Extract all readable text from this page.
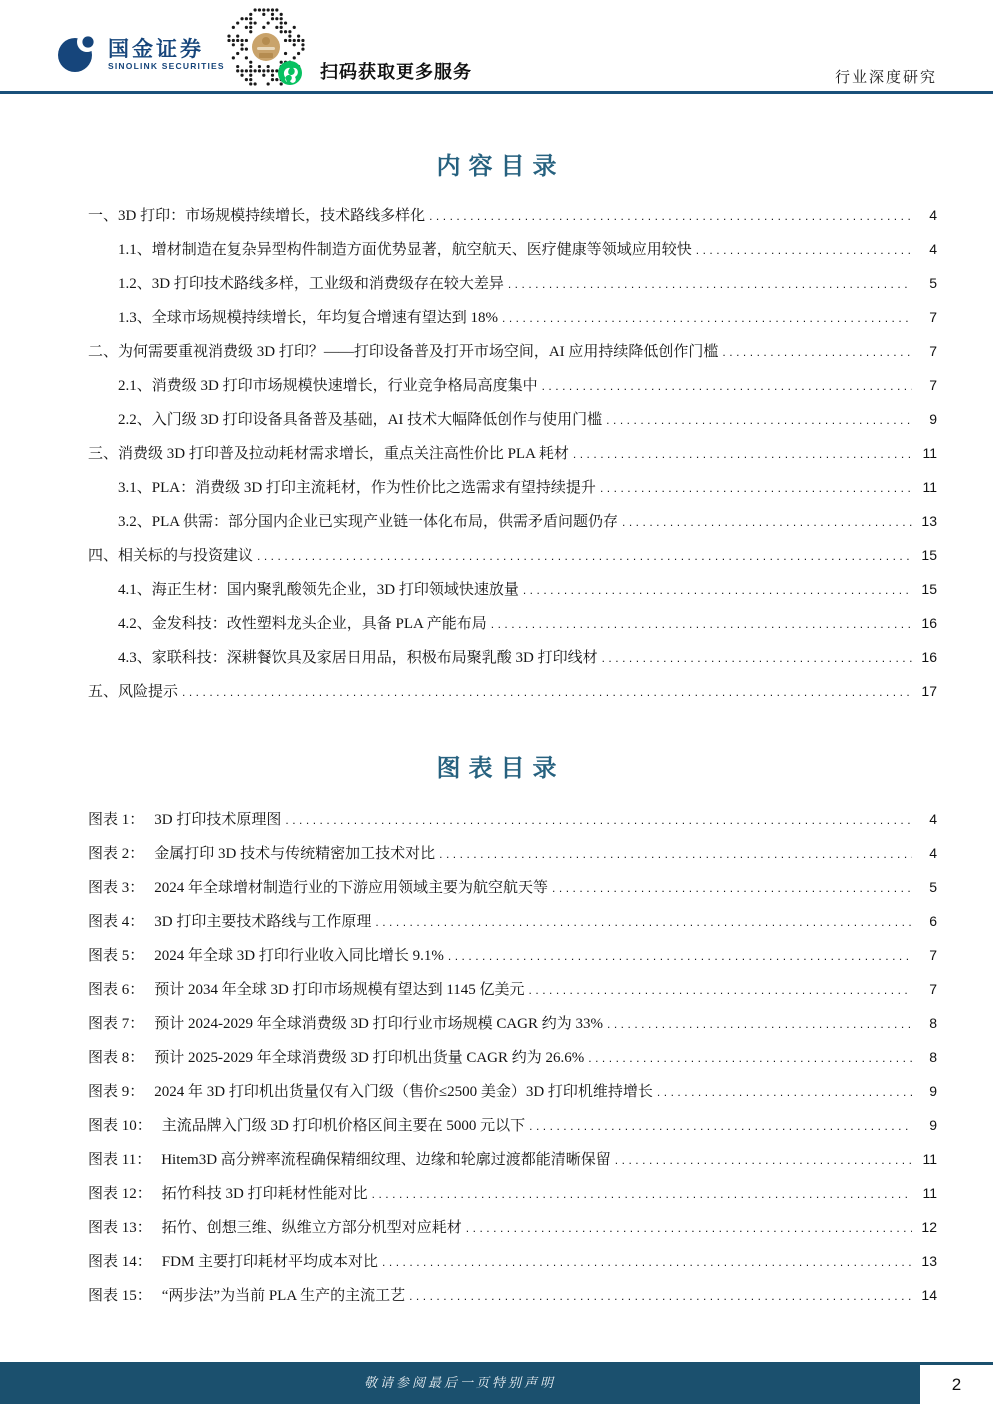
国金证券
SINOLINK SECURITIES	扫码获取更多服务	行业深度研究
内容目录
一、3D 打印：市场规模持续增长，技术路线多样化 .....	4
1.1、增材制造在复杂异型构件制造方面优势显著，航空航天、医疗健康等领域应用较快 .....	4
1.2、3D 打印技术路线多样，工业级和消费级存在较大差异 .....	5
1.3、全球市场规模持续增长，年均复合增速有望达到 18% .....	7
二、为何需要重视消费级 3D 打印？——打印设备普及打开市场空间，AI 应用持续降低创作门槛 .....	7
2.1、消费级 3D 打印市场规模快速增长，行业竞争格局高度集中 .....	7
2.2、入门级 3D 打印设备具备普及基础，AI 技术大幅降低创作与使用门槛 .....	9
三、消费级 3D 打印普及拉动耗材需求增长，重点关注高性价比 PLA 耗材 .....	11
3.1、PLA：消费级 3D 打印主流耗材，作为性价比之选需求有望持续提升 .....	11
3.2、PLA 供需：部分国内企业已实现产业链一体化布局，供需矛盾问题仍存 .....	13
四、相关标的与投资建议 .....	15
4.1、海正生材：国内聚乳酸领先企业，3D 打印领域快速放量 .....	15
4.2、金发科技：改性塑料龙头企业，具备 PLA 产能布局 .....	16
4.3、家联科技：深耕餐饮具及家居日用品，积极布局聚乳酸 3D 打印线材 .....	16
五、风险提示 .....	17
图表目录
图表 1： 3D 打印技术原理图 .....	4
图表 2： 金属打印 3D 技术与传统精密加工技术对比 .....	4
图表 3： 2024 年全球增材制造行业的下游应用领域主要为航空航天等 .....	5
图表 4： 3D 打印主要技术路线与工作原理 .....	6
图表 5： 2024 年全球 3D 打印行业收入同比增长 9.1% .....	7
图表 6： 预计 2034 年全球 3D 打印市场规模有望达到 1145 亿美元 .....	7
图表 7： 预计 2024-2029 年全球消费级 3D 打印行业市场规模 CAGR 约为 33% .....	8
图表 8： 预计 2025-2029 年全球消费级 3D 打印机出货量 CAGR 约为 26.6% .....	8
图表 9： 2024 年 3D 打印机出货量仅有入门级（售价≤2500 美金）3D 打印机维持增长 .....	9
图表 10： 主流品牌入门级 3D 打印机价格区间主要在 5000 元以下 .....	9
图表 11： Hitem3D 高分辨率流程确保精细纹理、边缘和轮廓过渡都能清晰保留 .....	11
图表 12： 拓竹科技 3D 打印耗材性能对比 .....	11
图表 13： 拓竹、创想三维、纵维立方部分机型对应耗材 .....	12
图表 14： FDM 主要打印耗材平均成本对比 .....	13
图表 15： “两步法”为当前 PLA 生产的主流工艺 .....	14
敬请参阅最后一页特别声明	2
